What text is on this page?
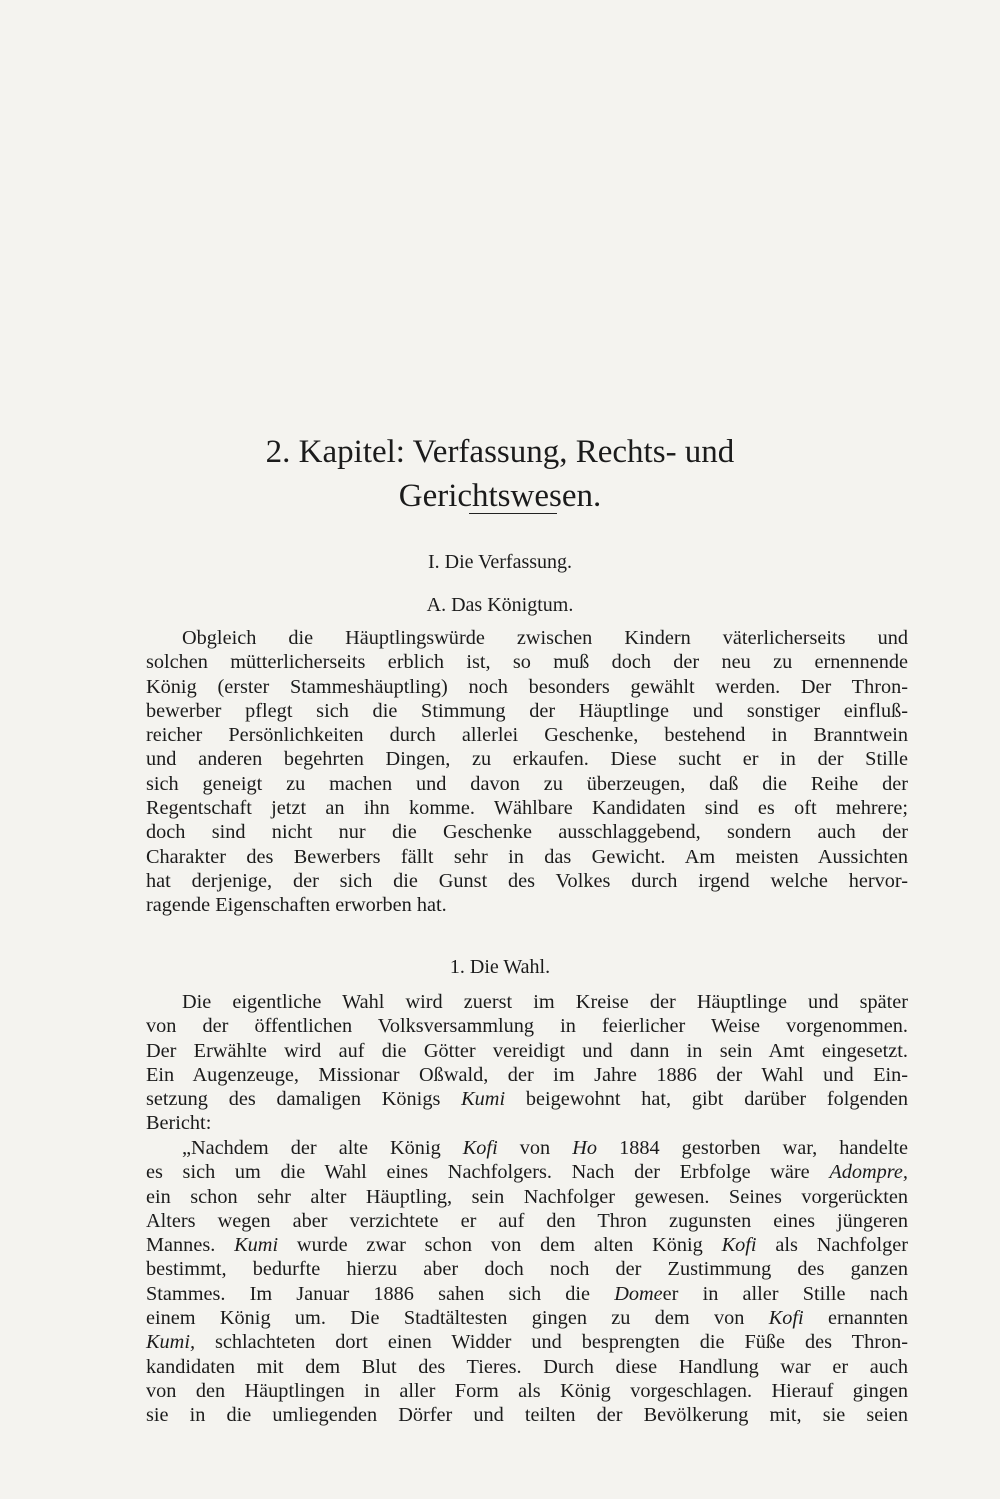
2. Kapitel: Verfassung, Rechts- und
Gerichtswesen.
I. Die Verfassung.
A. Das Königtum.
Obgleich die Häuptlingswürde zwischen Kindern väterlicherseits und
solchen mütterlicherseits erblich ist, so muß doch der neu zu ernennende
König (erster Stammeshäuptling) noch besonders gewählt werden. Der Thron-
bewerber pflegt sich die Stimmung der Häuptlinge und sonstiger einfluß-
reicher Persönlichkeiten durch allerlei Geschenke, bestehend in Branntwein
und anderen begehrten Dingen, zu erkaufen. Diese sucht er in der Stille
sich geneigt zu machen und davon zu überzeugen, daß die Reihe der
Regentschaft jetzt an ihn komme. Wählbare Kandidaten sind es oft mehrere;
doch sind nicht nur die Geschenke ausschlaggebend, sondern auch der
Charakter des Bewerbers fällt sehr in das Gewicht. Am meisten Aussichten
hat derjenige, der sich die Gunst des Volkes durch irgend welche hervor-
ragende Eigenschaften erworben hat.
1. Die Wahl.
Die eigentliche Wahl wird zuerst im Kreise der Häuptlinge und später
von der öffentlichen Volksversammlung in feierlicher Weise vorgenommen.
Der Erwählte wird auf die Götter vereidigt und dann in sein Amt eingesetzt.
Ein Augenzeuge, Missionar Oßwald, der im Jahre 1886 der Wahl und Ein-
setzung des damaligen Königs Kumi beigewohnt hat, gibt darüber folgenden
Bericht:
„Nachdem der alte König Kofi von Ho 1884 gestorben war, handelte
es sich um die Wahl eines Nachfolgers. Nach der Erbfolge wäre Adompre,
ein schon sehr alter Häuptling, sein Nachfolger gewesen. Seines vorgerückten
Alters wegen aber verzichtete er auf den Thron zugunsten eines jüngeren
Mannes. Kumi wurde zwar schon von dem alten König Kofi als Nachfolger
bestimmt, bedurfte hierzu aber doch noch der Zustimmung des ganzen
Stammes. Im Januar 1886 sahen sich die Domeer in aller Stille nach
einem König um. Die Stadtältesten gingen zu dem von Kofi ernannten
Kumi, schlachteten dort einen Widder und besprengten die Füße des Thron-
kandidaten mit dem Blut des Tieres. Durch diese Handlung war er auch
von den Häuptlingen in aller Form als König vorgeschlagen. Hierauf gingen
sie in die umliegenden Dörfer und teilten der Bevölkerung mit, sie seien
